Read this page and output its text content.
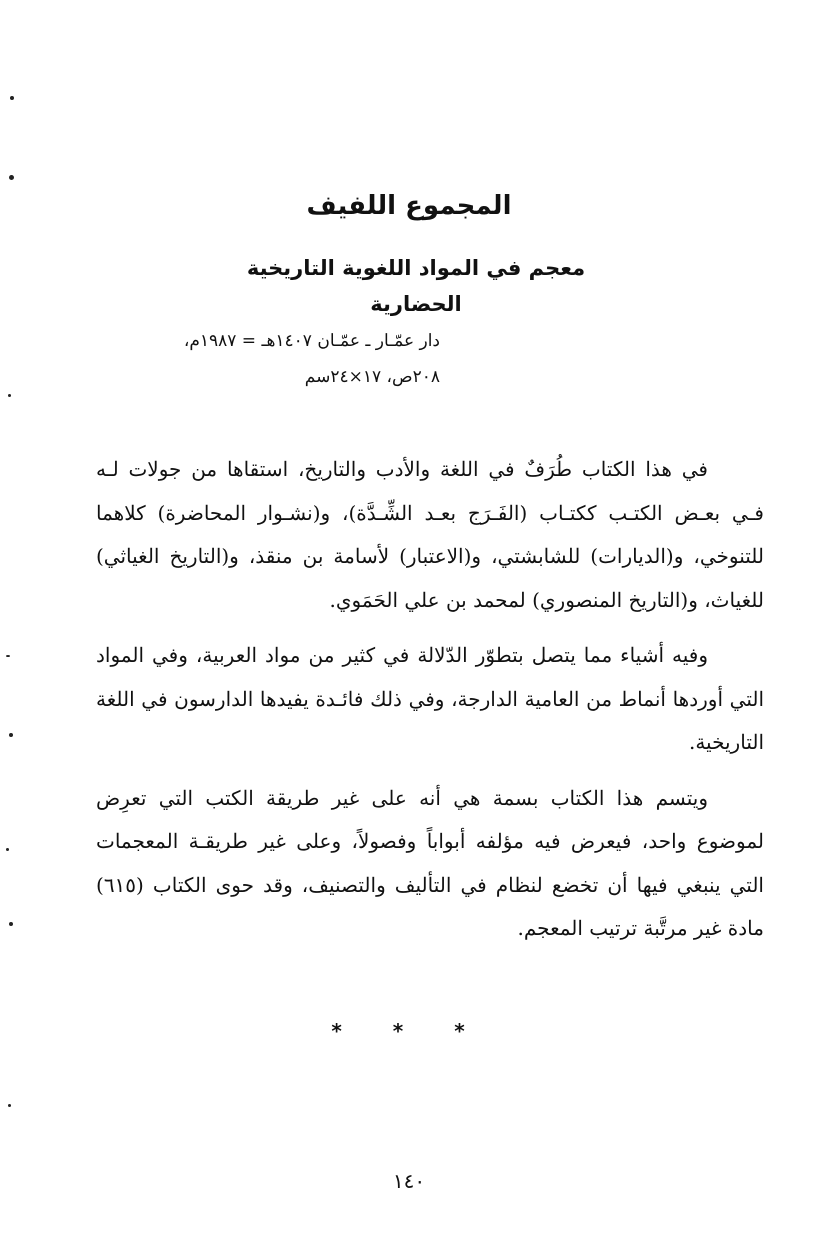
المجموع اللفيف
معجم في المواد اللغوية التاريخية الحضارية
دار عمّـار ـ عمّـان ١٤٠٧هـ = ١٩٨٧م،
٢٠٨ص، ١٧×٢٤سم

في هذا الكتاب طُرَفٌ في اللغة والأدب والتاريخ، استقاها من جولات لـه فـي بعـض الكتـب ككتـاب (الفَـرَج بعـد الشِّـدَّة)، و(نشـوار المحاضرة) كلاهما للتنوخي، و(الديارات) للشابشتي، و(الاعتبار) لأسامة بن منقذ، و(التاريخ الغياثي) للغياث، و(التاريخ المنصوري) لمحمد بن علي الحَمَوي.

وفيه أشياء مما يتصل بتطوّر الدّلالة في كثير من مواد العربية، وفي المواد التي أوردها أنماط من العامية الدارجة، وفي ذلك فائـدة يفيدها الدارسون في اللغة التاريخية.

ويتسم هذا الكتاب بسمة هي أنه على غير طريقة الكتب التي تعرِض لموضوع واحد، فيعرض فيه مؤلفه أبواباً وفصولاً، وعلى غير طريقـة المعجمات التي ينبغي فيها أن تخضع لنظام في التأليف والتصنيف، وقد حوى الكتاب (٦١٥) مادة غير مرتَّبة ترتيب المعجم.

* * *
١٤٠
